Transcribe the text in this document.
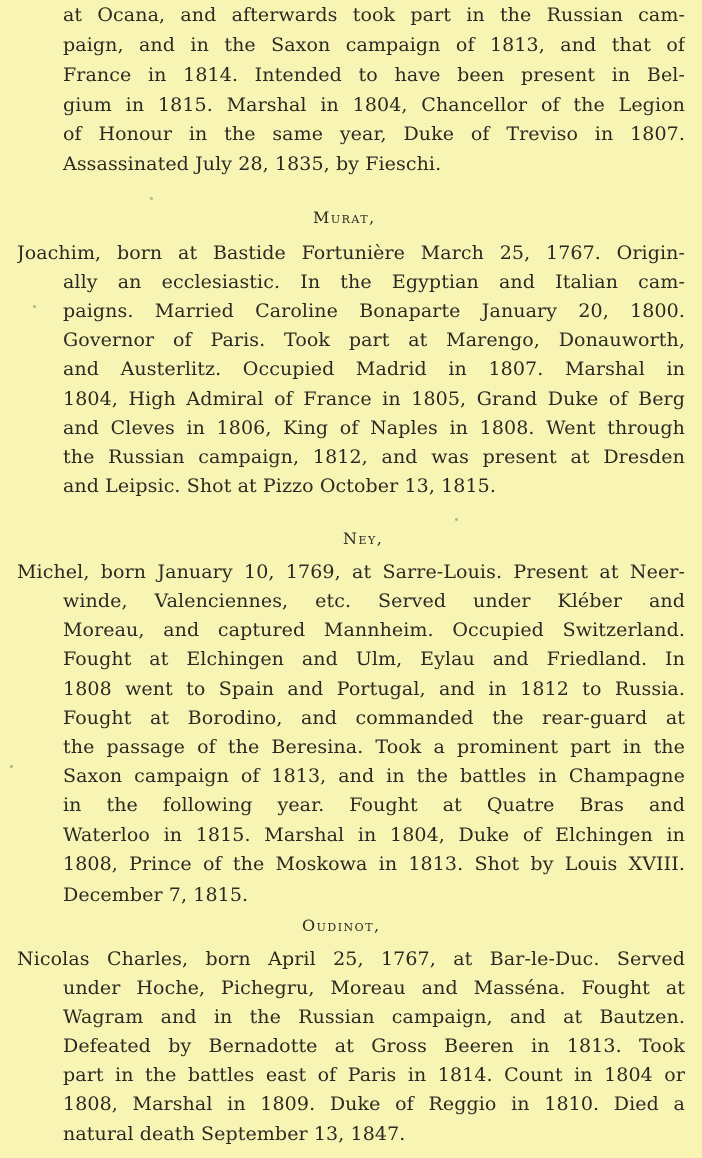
at Ocana, and afterwards took part in the Russian cam-
paign, and in the Saxon campaign of 1813, and that of
France in 1814. Intended to have been present in Bel-
gium in 1815. Marshal in 1804, Chancellor of the Legion
of Honour in the same year, Duke of Treviso in 1807.
Assassinated July 28, 1835, by Fieschi.
Murat,
Joachim, born at Bastide Fortunière March 25, 1767. Origin-
ally an ecclesiastic. In the Egyptian and Italian cam-
paigns. Married Caroline Bonaparte January 20, 1800.
Governor of Paris. Took part at Marengo, Donauworth,
and Austerlitz. Occupied Madrid in 1807. Marshal in
1804, High Admiral of France in 1805, Grand Duke of Berg
and Cleves in 1806, King of Naples in 1808. Went through
the Russian campaign, 1812, and was present at Dresden
and Leipsic. Shot at Pizzo October 13, 1815.
Ney,
Michel, born January 10, 1769, at Sarre-Louis. Present at Neer-
winde, Valenciennes, etc. Served under Kléber and
Moreau, and captured Mannheim. Occupied Switzerland.
Fought at Elchingen and Ulm, Eylau and Friedland. In
1808 went to Spain and Portugal, and in 1812 to Russia.
Fought at Borodino, and commanded the rear-guard at
the passage of the Beresina. Took a prominent part in the
Saxon campaign of 1813, and in the battles in Champagne
in the following year. Fought at Quatre Bras and
Waterloo in 1815. Marshal in 1804, Duke of Elchingen in
1808, Prince of the Moskowa in 1813. Shot by Louis XVIII.
December 7, 1815.
Oudinot,
Nicolas Charles, born April 25, 1767, at Bar-le-Duc. Served
under Hoche, Pichegru, Moreau and Masséna. Fought at
Wagram and in the Russian campaign, and at Bautzen.
Defeated by Bernadotte at Gross Beeren in 1813. Took
part in the battles east of Paris in 1814. Count in 1804 or
1808, Marshal in 1809. Duke of Reggio in 1810. Died a
natural death September 13, 1847.
